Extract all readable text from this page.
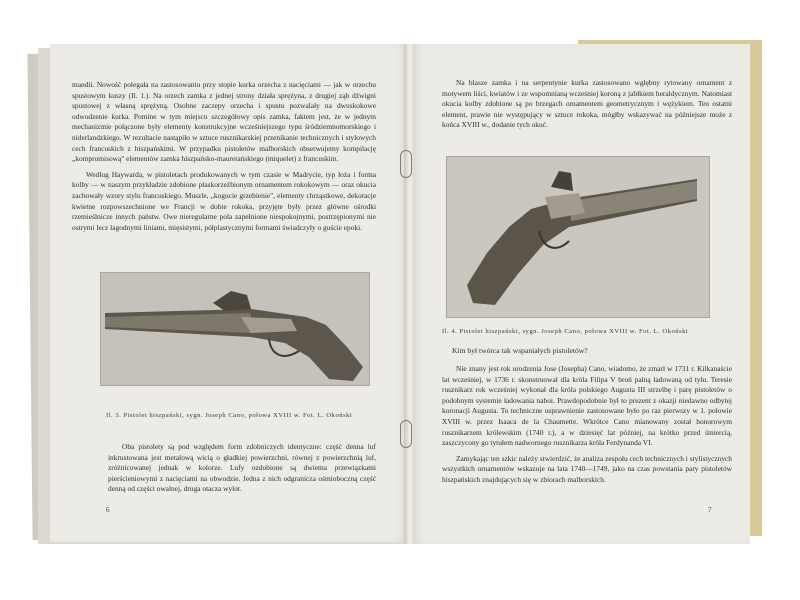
mandii. Nowość polegała na zastosowaniu przy stopie kurka orzecha z nacięciami — jak w orzechu spustowym kuszy (Il. 1.). Na orzech zamka z jednej strony działa sprężyna, z drugiej ząb dźwigni spustowej z własną sprężyną. Osobne zaczepy orzecha i spustu pozwalały na dwuskokowe odwodzenie kurka. Pomine w tym miejscu szczegółowy opis zamka, faktem jest, że w jednym mechanizmie połączone były elementy konstrukcyjne wcześniejszego typu śródziemnomorskiego i niderlandzkiego. W rezultacie nastąpiło w sztuce rusznikarskiej przenikanie technicznych i stylowych cech francuskich z hiszpańskimi. W przypadku pistoletów malborskich obserwujemy kompilację „kompromisową" elementów zamka hiszpańsko-mauretańskiego (miquelet) z francuskim.

Według Haywarda, w pistoletach produkowanych w tym czasie w Madrycie, typ łoża i forma kolby — w naszym przykładzie zdobione płaskorzeźbionym ornamentem rokokowym — oraz okucia zachowały wzory stylu francuskiego. Muszle, „kogucie grzebienie", elementy chrząstkowe, dekoracje kwietne rozpowszechnione we Francji w dobie rokoka, przyjęte były przez główne ośrodki rzemieślnicze innych państw. Owe nieregularne pola zapełnione niespokojnymi, postrzępionymi nie ostrymi lecz łagodnymi liniami, mięsistymi, półplastycznymi formami świadczyły o guście epoki.

Il. 3. Pistolet hiszpański, sygn. Joseph Cano, połowa XVIII w. Fot. L. Okoński

Oba pistolety są pod względem form zdobniczych identyczne: część denna luf inkrustowana jest metalową wicią o gładkiej powierzchni, równej z powierzchnią luf, zróżnicowanej jednak w kolorze. Lufy ozdobione są dwiema przewiązkami pierścieniowymi z nacięciami na obwodzie. Jedna z nich odgranicza ośmioboczną część denną od części owalnej, druga otacza wylot.

6

Na blasze zamka i na serpentynie kurka zastosowano wgłębny rytowany ornament z motywem liści, kwiatów i ze wspomnianą wcześniej koroną z jabłkiem heraldycznym. Natomiast okucia kolby zdobione są po brzegach ornamentem geometrycznym i wężykiem. Ten ostatni element, prawie nie występujący w sztuce rokoka, mógłby wskazywać na późniejsze może z końca XVIII w., dodanie tych okuć.

Il. 4. Pistolet hiszpański, sygn. Joseph Cano, połowa XVIII w. Fot. L. Okoński
Kim był twórca tak wspaniałych pistoletów?

Nie znany jest rok urodzenia Jose (Josepha) Cano, wiadomo, że zmarł w 1731 r. Kilkanaście lat wcześniej, w 1736 r. skonstruował dla króla Filipa V broń palną ładowaną od tyłu. Teresie rusznikarz rok wcześniej wykonał dla króla polskiego Augusta III strzelbę i parę pistoletów o podobnym systemie ładowania naboi. Prawdopodobnie był to prezent z okazji niedawno odbytej koronacji Augusta. To techniczne usprawnienie zastosowane było po raz pierwszy w 1. połowie XVIII w. przez Isaaca de la Chaumette. Wkrótce Cano mianowany został honorowym rusznikarzem królewskim (1740 r.), a w dziesięć lat później, na krótko przed śmiercią, zaszczycony go tytułem nadwornego rusznikarza króla Ferdynanda VI.

Zamykając ten szkic należy stwierdzić, że analiza zespołu cech technicznych i stylistycznych wszystkich ornamentów wskazuje na lata 1740—1749, jako na czas powstania pary pistoletów hiszpańskich znajdujących się w zbiorach malborskich.

7
